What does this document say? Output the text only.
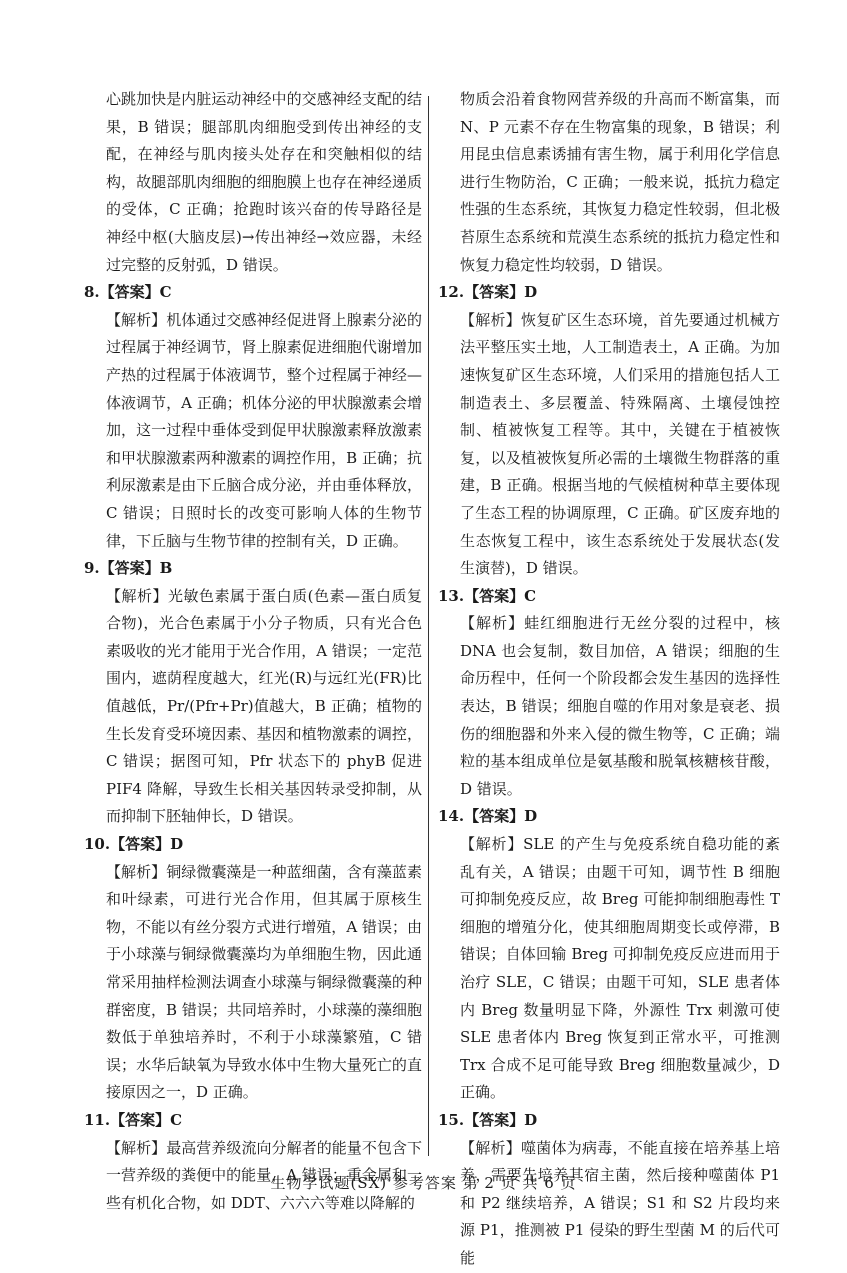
心跳加快是内脏运动神经中的交感神经支配的结果，B 错误；腿部肌肉细胞受到传出神经的支配，在神经与肌肉接头处存在和突触相似的结构，故腿部肌肉细胞的细胞膜上也存在神经递质的受体，C 正确；抢跑时该兴奋的传导路径是神经中枢(大脑皮层)→传出神经→效应器，未经过完整的反射弧，D 错误。

8.【答案】C

【解析】机体通过交感神经促进肾上腺素分泌的过程属于神经调节，肾上腺素促进细胞代谢增加产热的过程属于体液调节，整个过程属于神经—体液调节，A 正确；机体分泌的甲状腺激素会增加，这一过程中垂体受到促甲状腺激素释放激素和甲状腺激素两种激素的调控作用，B 正确；抗利尿激素是由下丘脑合成分泌，并由垂体释放，C 错误；日照时长的改变可影响人体的生物节律，下丘脑与生物节律的控制有关，D 正确。

9.【答案】B

【解析】光敏色素属于蛋白质(色素—蛋白质复合物)，光合色素属于小分子物质，只有光合色素吸收的光才能用于光合作用，A 错误；一定范围内，遮荫程度越大，红光(R)与远红光(FR)比值越低，Pr/(Pfr+Pr)值越大，B 正确；植物的生长发育受环境因素、基因和植物激素的调控，C 错误；据图可知，Pfr 状态下的 phyB 促进 PIF4 降解，导致生长相关基因转录受抑制，从而抑制下胚轴伸长，D 错误。

10.【答案】D

【解析】铜绿微囊藻是一种蓝细菌，含有藻蓝素和叶绿素，可进行光合作用，但其属于原核生物，不能以有丝分裂方式进行增殖，A 错误；由于小球藻与铜绿微囊藻均为单细胞生物，因此通常采用抽样检测法调查小球藻与铜绿微囊藻的种群密度，B 错误；共同培养时，小球藻的藻细胞数低于单独培养时，不利于小球藻繁殖，C 错误；水华后缺氧为导致水体中生物大量死亡的直接原因之一，D 正确。

11.【答案】C

【解析】最高营养级流向分解者的能量不包含下一营养级的粪便中的能量，A 错误；重金属和一些有机化合物，如 DDT、六六六等难以降解的

物质会沿着食物网营养级的升高而不断富集，而 N、P 元素不存在生物富集的现象，B 错误；利用昆虫信息素诱捕有害生物，属于利用化学信息进行生物防治，C 正确；一般来说，抵抗力稳定性强的生态系统，其恢复力稳定性较弱，但北极苔原生态系统和荒漠生态系统的抵抗力稳定性和恢复力稳定性均较弱，D 错误。

12.【答案】D

【解析】恢复矿区生态环境，首先要通过机械方法平整压实土地，人工制造表土，A 正确。为加速恢复矿区生态环境，人们采用的措施包括人工制造表土、多层覆盖、特殊隔离、土壤侵蚀控制、植被恢复工程等。其中，关键在于植被恢复，以及植被恢复所必需的土壤微生物群落的重建，B 正确。根据当地的气候植树种草主要体现了生态工程的协调原理，C 正确。矿区废弃地的生态恢复工程中，该生态系统处于发展状态(发生演替)，D 错误。

13.【答案】C

【解析】蛙红细胞进行无丝分裂的过程中，核 DNA 也会复制，数目加倍，A 错误；细胞的生命历程中，任何一个阶段都会发生基因的选择性表达，B 错误；细胞自噬的作用对象是衰老、损伤的细胞器和外来入侵的微生物等，C 正确；端粒的基本组成单位是氨基酸和脱氧核糖核苷酸，D 错误。

14.【答案】D

【解析】SLE 的产生与免疫系统自稳功能的紊乱有关，A 错误；由题干可知，调节性 B 细胞可抑制免疫反应，故 Breg 可能抑制细胞毒性 T 细胞的增殖分化，使其细胞周期变长或停滞，B 错误；自体回输 Breg 可抑制免疫反应进而用于治疗 SLE，C 错误；由题干可知，SLE 患者体内 Breg 数量明显下降，外源性 Trx 刺激可使 SLE 患者体内 Breg 恢复到正常水平，可推测 Trx 合成不足可能导致 Breg 细胞数量减少，D 正确。

15.【答案】D

【解析】噬菌体为病毒，不能直接在培养基上培养，需要先培养其宿主菌，然后接种噬菌体 P1 和 P2 继续培养，A 错误；S1 和 S2 片段均来源 P1，推测被 P1 侵染的野生型菌 M 的后代可能

生物学试题(SX) 参考答案 第 2 页 共 6 页
